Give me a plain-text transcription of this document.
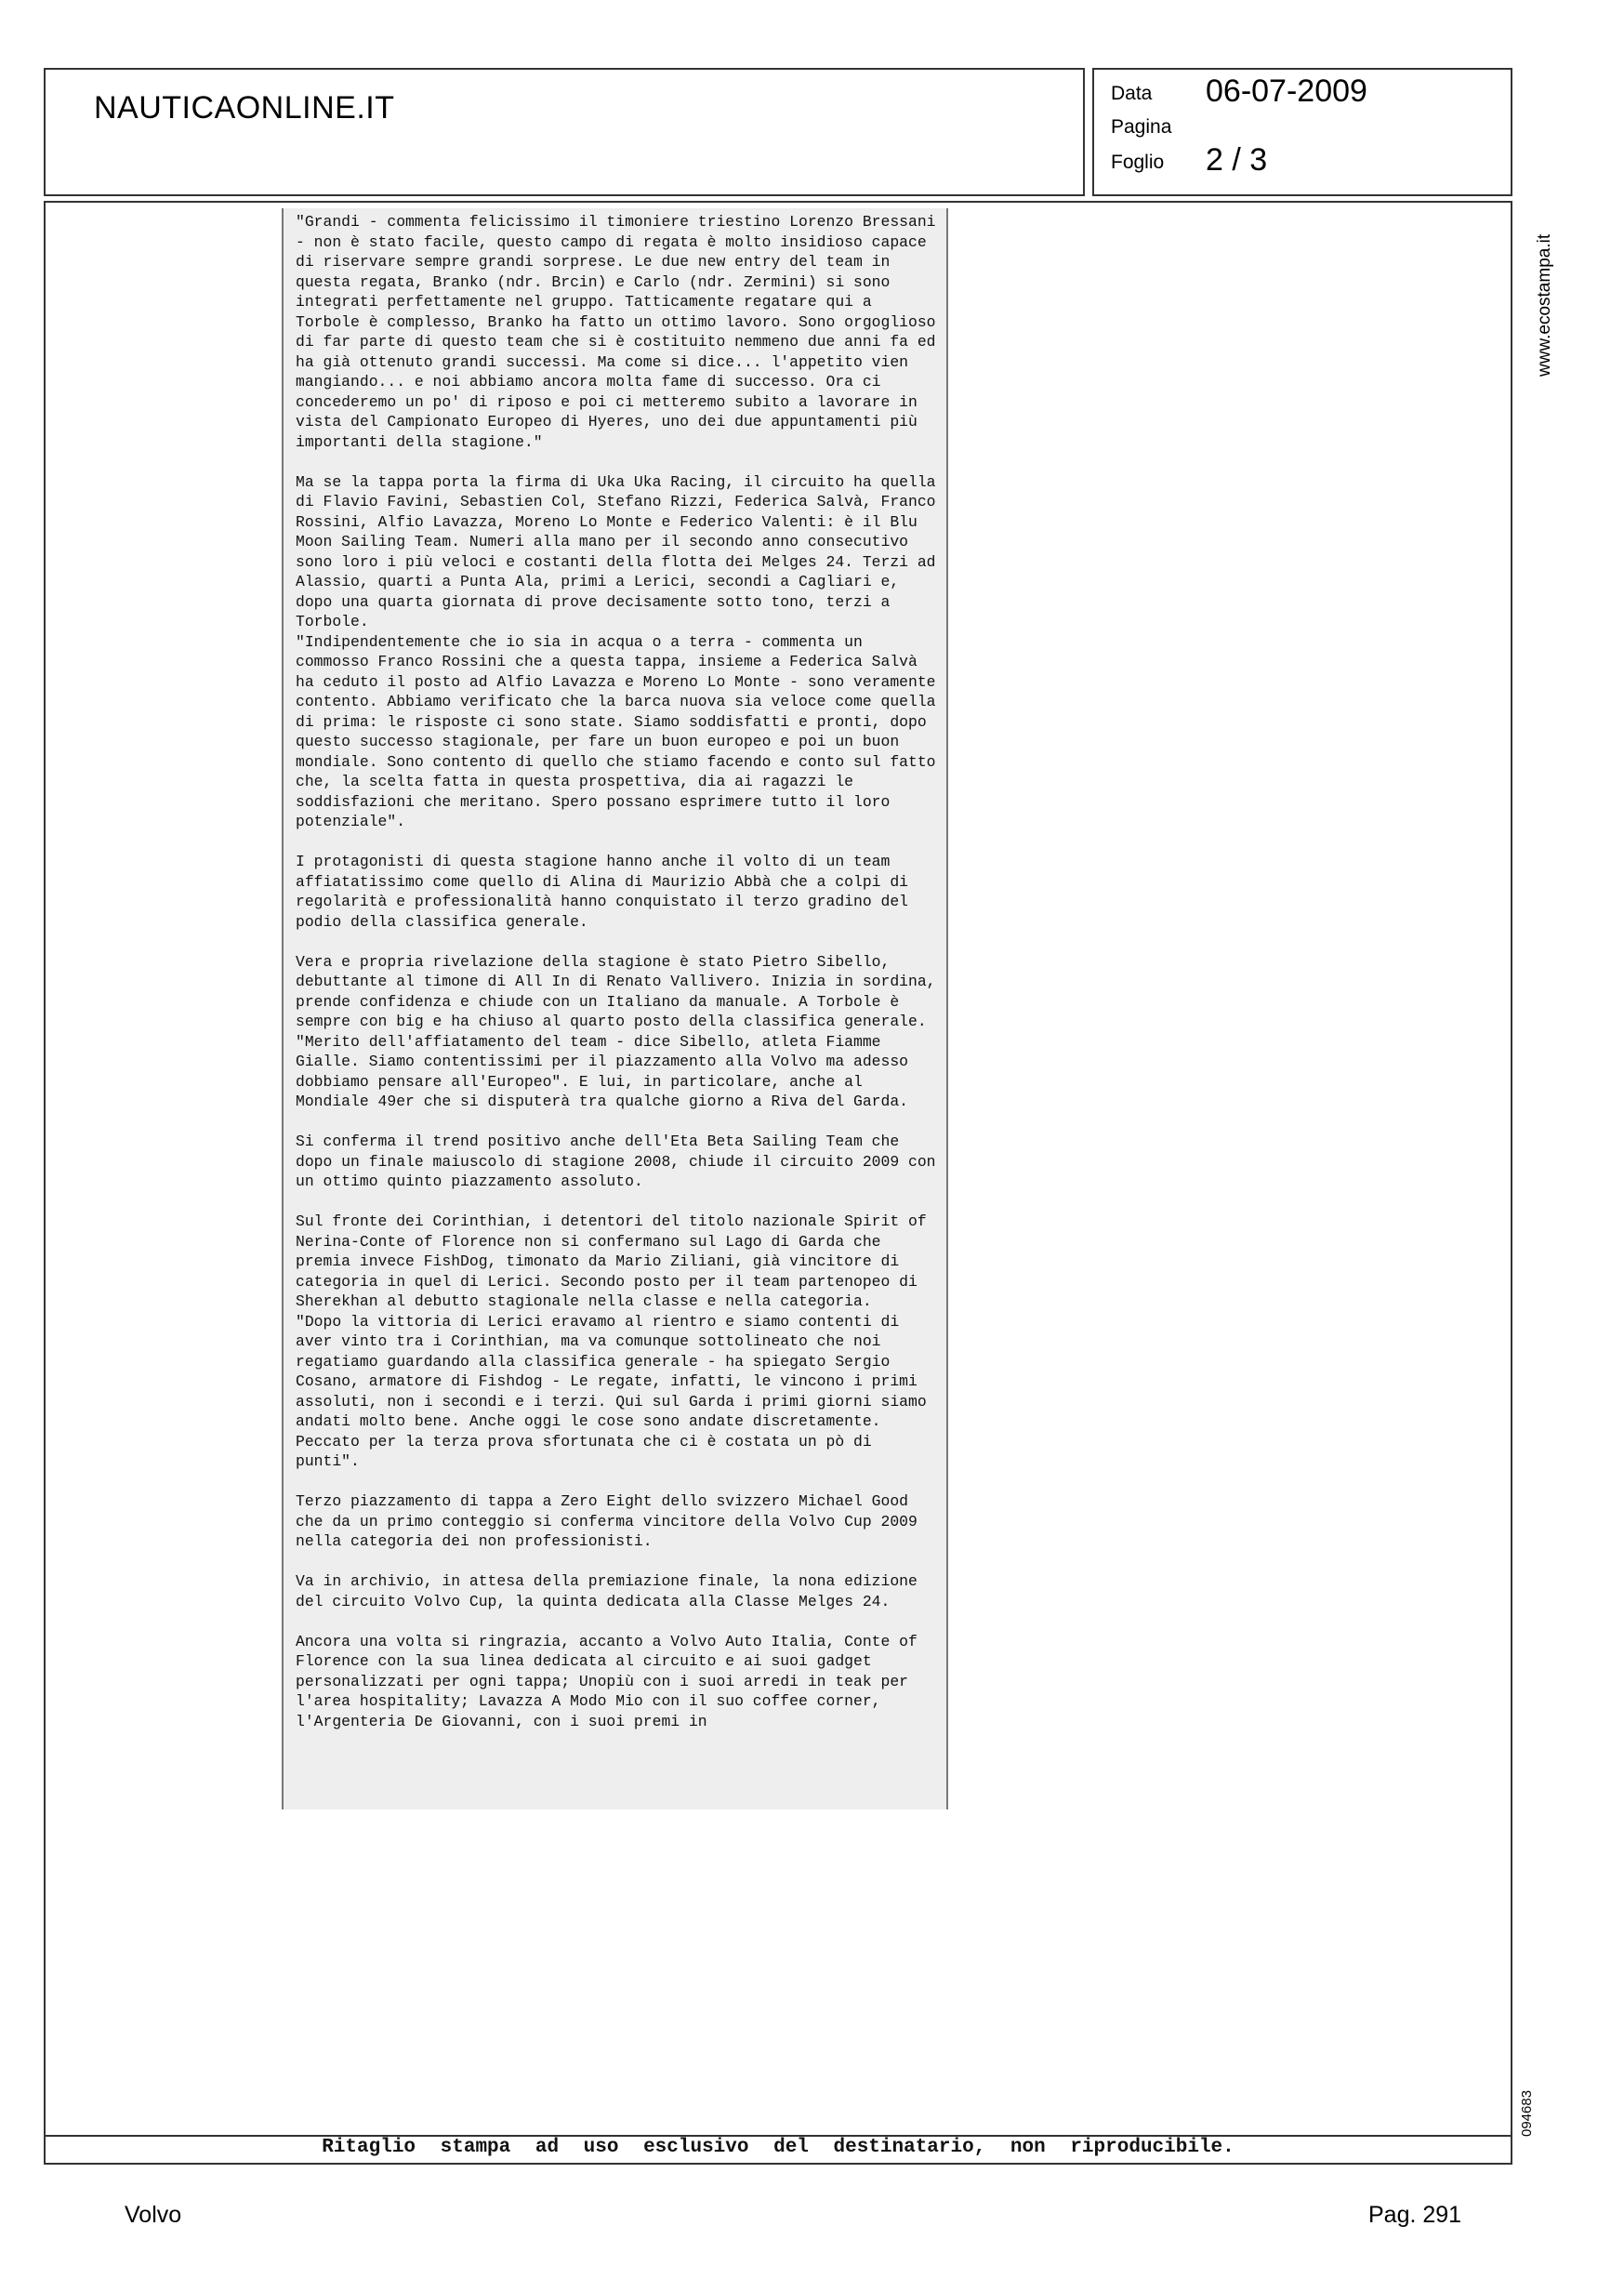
NAUTICAONLINE.IT	Data 06-07-2009
Pagina
Foglio 2 / 3

"Grandi - commenta felicissimo il timoniere triestino Lorenzo Bressani - non è stato facile, questo campo di regata è molto insidioso capace di riservare sempre grandi sorprese. Le due new entry del team in questa regata, Branko (ndr. Brcin) e Carlo (ndr. Zermini) si sono integrati perfettamente nel gruppo. Tatticamente regatare qui a Torbole è complesso, Branko ha fatto un ottimo lavoro. Sono orgoglioso di far parte di questo team che si è costituito nemmeno due anni fa ed ha già ottenuto grandi successi. Ma come si dice... l'appetito vien mangiando... e noi abbiamo ancora molta fame di successo. Ora ci concederemo un po' di riposo e poi ci metteremo subito a lavorare in vista del Campionato Europeo di Hyeres, uno dei due appuntamenti più importanti della stagione."

Ma se la tappa porta la firma di Uka Uka Racing, il circuito ha quella di Flavio Favini, Sebastien Col, Stefano Rizzi, Federica Salvà, Franco Rossini, Alfio Lavazza, Moreno Lo Monte e Federico Valenti: è il Blu Moon Sailing Team. Numeri alla mano per il secondo anno consecutivo sono loro i più veloci e costanti della flotta dei Melges 24. Terzi ad Alassio, quarti a Punta Ala, primi a Lerici, secondi a Cagliari e, dopo una quarta giornata di prove decisamente sotto tono, terzi a Torbole.
"Indipendentemente che io sia in acqua o a terra - commenta un commosso Franco Rossini che a questa tappa, insieme a Federica Salvà ha ceduto il posto ad Alfio Lavazza e Moreno Lo Monte - sono veramente contento. Abbiamo verificato che la barca nuova sia veloce come quella di prima: le risposte ci sono state. Siamo soddisfatti e pronti, dopo questo successo stagionale, per fare un buon europeo e poi un buon mondiale. Sono contento di quello che stiamo facendo e conto sul fatto che, la scelta fatta in questa prospettiva, dia ai ragazzi le soddisfazioni che meritano. Spero possano esprimere tutto il loro potenziale".

I protagonisti di questa stagione hanno anche il volto di un team affiatatissimo come quello di Alina di Maurizio Abbà che a colpi di regolarità e professionalità hanno conquistato il terzo gradino del podio della classifica generale.

Vera e propria rivelazione della stagione è stato Pietro Sibello, debuttante al timone di All In di Renato Vallivero. Inizia in sordina, prende confidenza e chiude con un Italiano da manuale. A Torbole è sempre con big e ha chiuso al quarto posto della classifica generale. "Merito dell'affiatamento del team - dice Sibello, atleta Fiamme Gialle. Siamo contentissimi per il piazzamento alla Volvo ma adesso dobbiamo pensare all'Europeo". E lui, in particolare, anche al Mondiale 49er che si disputerà tra qualche giorno a Riva del Garda.

Si conferma il trend positivo anche dell'Eta Beta Sailing Team che dopo un finale maiuscolo di stagione 2008, chiude il circuito 2009 con un ottimo quinto piazzamento assoluto.

Sul fronte dei Corinthian, i detentori del titolo nazionale Spirit of Nerina-Conte of Florence non si confermano sul Lago di Garda che premia invece FishDog, timonato da Mario Ziliani, già vincitore di categoria in quel di Lerici. Secondo posto per il team partenopeo di Sherekhan al debutto stagionale nella classe e nella categoria.
"Dopo la vittoria di Lerici eravamo al rientro e siamo contenti di aver vinto tra i Corinthian, ma va comunque sottolineato che noi regatiamo guardando alla classifica generale - ha spiegato Sergio Cosano, armatore di Fishdog - Le regate, infatti, le vincono i primi assoluti, non i secondi e i terzi. Qui sul Garda i primi giorni siamo andati molto bene. Anche oggi le cose sono andate discretamente. Peccato per la terza prova sfortunata che ci è costata un pò di punti".

Terzo piazzamento di tappa a Zero Eight dello svizzero Michael Good che da un primo conteggio si conferma vincitore della Volvo Cup 2009 nella categoria dei non professionisti.

Va in archivio, in attesa della premiazione finale, la nona edizione del circuito Volvo Cup, la quinta dedicata alla Classe Melges 24.

Ancora una volta si ringrazia, accanto a Volvo Auto Italia, Conte of Florence con la sua linea dedicata al circuito e ai suoi gadget personalizzati per ogni tappa; Unopiù con i suoi arredi in teak per l'area hospitality; Lavazza A Modo Mio con il suo coffee corner, l'Argenteria De Giovanni, con i suoi premi in

www.ecostampa.it
094683
Ritaglio stampa ad uso esclusivo del destinatario, non riproducibile.
Volvo	Pag. 291
